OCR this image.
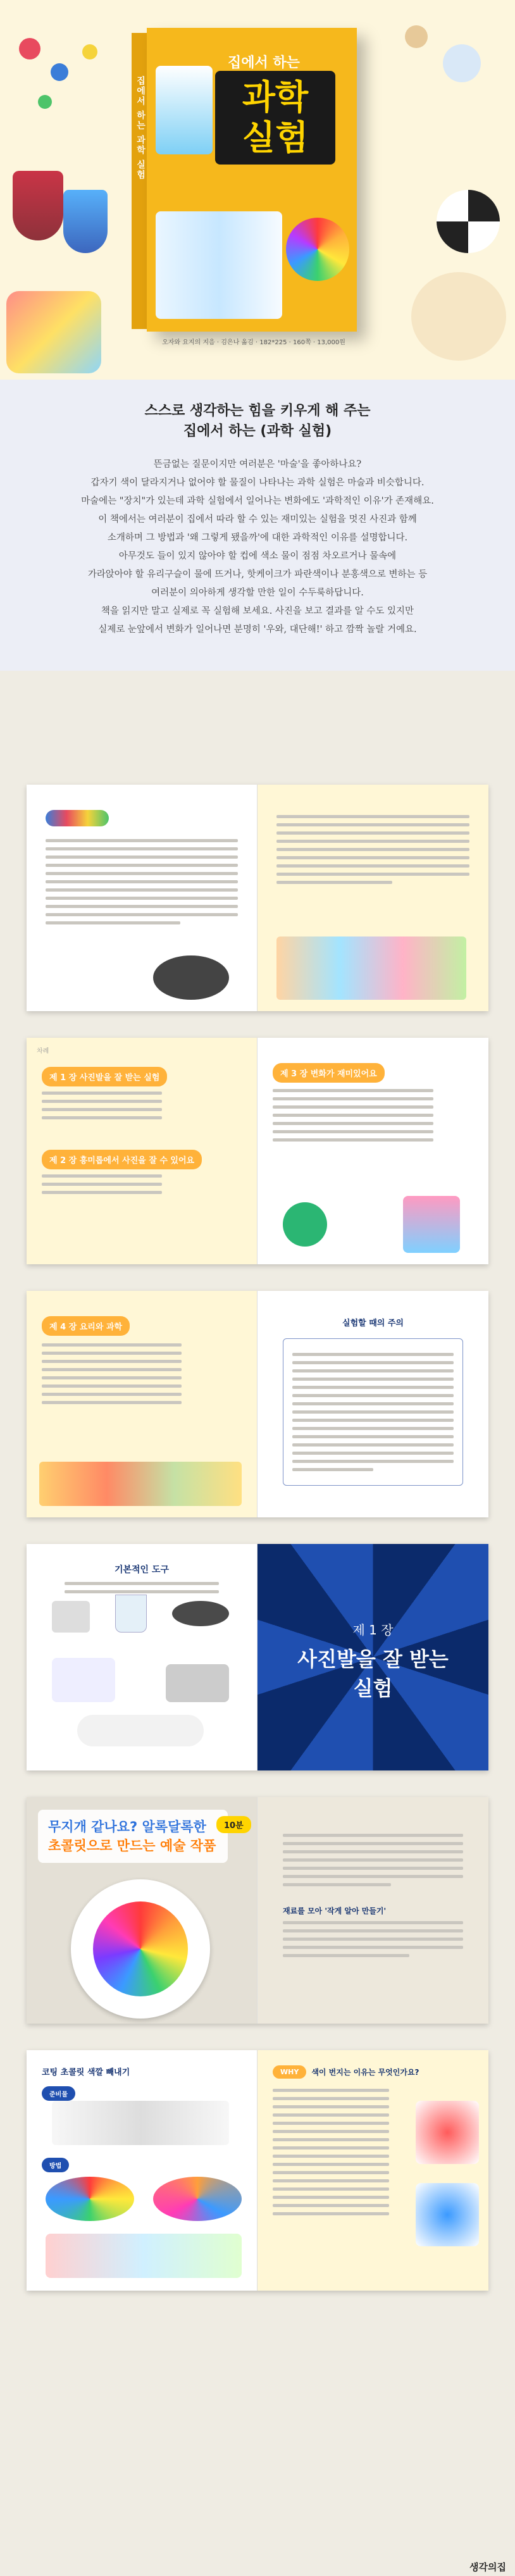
집에서 하는 과학 실험
집에서 하는
과학
실험
오자와 요지의 지음 · 김은나 옮김 · 182*225 · 160쪽 · 13,000원
스스로 생각하는 힘을 키우게 해 주는
집에서 하는 (과학 실험)

뜬금없는 질문이지만 여러분은 '마술'을 좋아하나요?

갑자기 색이 달라지거나 없어야 할 물질이 나타나는 과학 실험은 마술과 비슷합니다.

마술에는 "장치"가 있는데 과학 실험에서 일어나는 변화에도 '과학적인 이유'가 존재해요.

이 책에서는 여러분이 집에서 따라 할 수 있는 재미있는 실험을 멋진 사진과 함께

소개하며 그 방법과 '왜 그렇게 됐을까'에 대한 과학적인 이유를 설명합니다.

아무것도 들이 있지 않아야 할 컵에 색소 물이 점점 차오르거나 물속에

가라앉아야 할 유리구슬이 물에 뜨거나, 핫케이크가 파란색이나 분홍색으로 변하는 등

여러분이 의아하게 생각할 만한 일이 수두룩하답니다.

책을 읽지만 말고 실제로 꼭 실험해 보세요. 사진을 보고 결과를 알 수도 있지만

실제로 눈앞에서 변화가 일어나면 분명히 '우와, 대단해!' 하고 깜짝 놀랄 거예요.

차례
제 1 장 사진발을 잘 받는 실험
제 2 장 흥미롭에서 사진을 잘 수 있어요
제 3 장 변화가 재미있어요
제 4 장 요리와 과학	실험할 때의 주의
기본적인 도구
제 1 장
사진발을 잘 받는
실험
무지개 같나요? 알록달록한
초콜릿으로 만드는 예술 작품
10분
재료를 모아 '작게 알아 만들기'
코팅 초콜릿 색깔 빼내기
준비물
방법
WHY	색이 번지는 이유는 무엇인가요?
생각의집
